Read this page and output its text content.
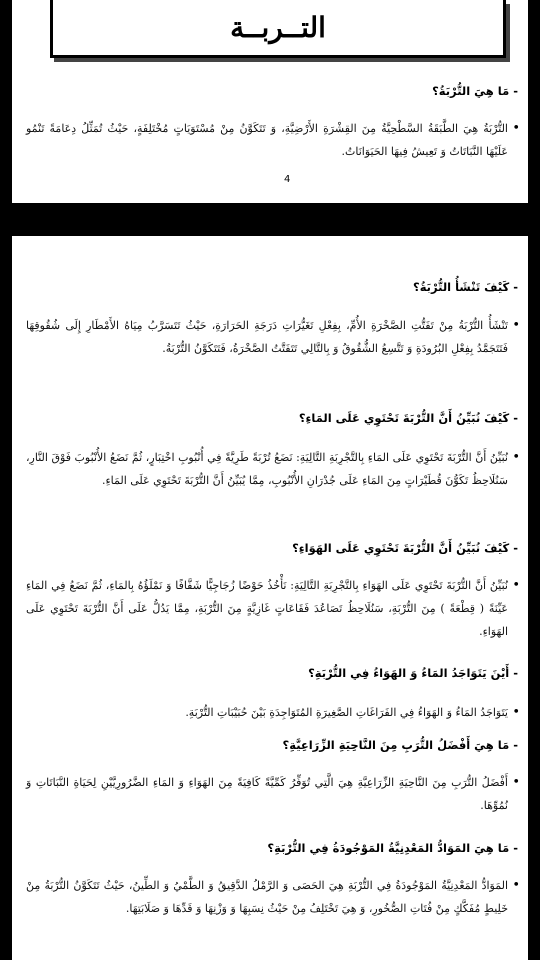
التــربــة
- مَا هِيَ التُّرْبَةُ؟
• التُّرْبَةُ هِيَ الطَّبَقَةُ السَّطْحِيَّةُ مِنَ القِشْرَةِ الأَرْضِيَّةِ، وَ تَتَكَوَّنُ مِنْ مُسْتَوَيَاتٍ مُخْتَلِفَةٍ، حَيْثُ تُمَثِّلُ دِعَامَةً تَنْمُو عَلَيْهَا النَّبَاتَاتُ وَ تَعِيشُ فِيهَا الحَيَوَانَاتُ.
4
- كَيْفَ تَنْشَأُ التُّرْبَةُ؟
• تَنْشَأُ التُّرْبَةُ مِنْ تَفَتُّتِ الصَّخْرَةِ الأُمِّ، بِفِعْلِ تَغَيُّرَاتِ دَرَجَةِ الحَرَارَةِ، حَيْثُ تَتَسَرَّبُ مِيَاهُ الأَمْطَارِ إِلَى شُقُوقِهَا فَتَتَجَمَّدُ بِفِعْلِ البُرُودَةِ وَ تَتَّسِعُ الشُّقُوقُ وَ بِالتَّالِي تَتَفَتَّتُ الصَّخْرَةُ، فَتَتَكَوَّنُ التُّرْبَةُ.
- كَيْفَ نُبَيِّنُ أَنَّ التُّرْبَةَ تَحْتَوِي عَلَى المَاءِ؟
• نُبَيِّنُ أَنَّ التُّرْبَةَ تَحْتَوِي عَلَى المَاءِ بِالتَّجْرِبَةِ التَّالِيَةِ: نَضَعُ تُرْبَةً طَرِيَّةً فِي أُنْبُوبِ اخْتِبَارٍ، ثُمَّ نَضَعُ الأُنْبُوبَ فَوْقَ النَّارِ، سَنُلَاحِظُ تَكَوُّنَ قُطَيْرَاتٍ مِنَ المَاءِ عَلَى جُدْرَانِ الأُنْبُوبِ، مِمَّا يُبَيِّنُ أَنَّ التُّرْبَةَ تَحْتَوِي عَلَى المَاءِ.
- كَيْفَ نُبَيِّنُ أَنَّ التُّرْبَةَ تَحْتَوِي عَلَى الهَوَاءِ؟
• نُبَيِّنُ أَنَّ التُّرْبَةَ تَحْتَوِي عَلَى الهَوَاءِ بِالتَّجْرِبَةِ التَّالِيَةِ: نَأْخُذُ حَوْضًا زُجَاجِيًّا شَفَّافًا وَ نَمْلَؤُهُ بِالمَاءِ، ثُمَّ نَضَعُ فِي المَاءِ عَيِّنَةً ( قِطْعَةً ) مِنَ التُّرْبَةِ، سَنُلَاحِظُ تَصَاعُدَ فَقَاعَاتٍ غَازِيَّةٍ مِنَ التُّرْبَةِ، مِمَّا يَدُلُّ عَلَى أَنَّ التُّرْبَةَ تَحْتَوِي عَلَى الهَوَاءِ.
- أَيْنَ يَتَوَاجَدُ المَاءُ وَ الهَوَاءُ فِي التُّرْبَةِ؟
• يَتَوَاجَدُ المَاءُ وَ الهَوَاءُ فِي الفَرَاغَاتِ الصَّغِيرَةِ المُتَوَاجِدَةِ بَيْنَ حُبَيْبَاتِ التُّرْبَةِ.
- مَا هِيَ أَفْضَلُ التُّرَبِ مِنَ النَّاحِيَةِ الزِّرَاعِيَّةِ؟
• أَفْضَلُ التُّرَبِ مِنَ النَّاحِيَةِ الزِّرَاعِيَّةِ هِيَ الَّتِي تُوَفِّرُ كَمِّيَّةً كَافِيَةً مِنَ الهَوَاءِ وَ المَاءِ الضَّرُورِيَّيْنِ لِحَيَاةِ النَّبَاتَاتِ وَ نُمُوِّهَا.
- مَا هِيَ المَوَادُّ المَعْدِنِيَّةُ المَوْجُودَةُ فِي التُّرْبَةِ؟
• المَوَادُّ المَعْدِنِيَّةُ المَوْجُودَةُ فِي التُّرْبَةِ هِيَ الحَصَى وَ الرَّمْلُ الدَّقِيقُ وَ الطَّمْيُ وَ الطِّينُ، حَيْثُ تَتَكَوَّنُ التُّرْبَةُ مِنْ خَلِيطٍ مُفَكَّكٍ مِنْ فُتَاتِ الصُّخُورِ، وَ هِيَ تَخْتَلِفُ مِنْ حَيْثُ نِسَبِهَا وَ وَزْنِهَا وَ قَدِّهَا وَ صَلَابَتِهَا.
